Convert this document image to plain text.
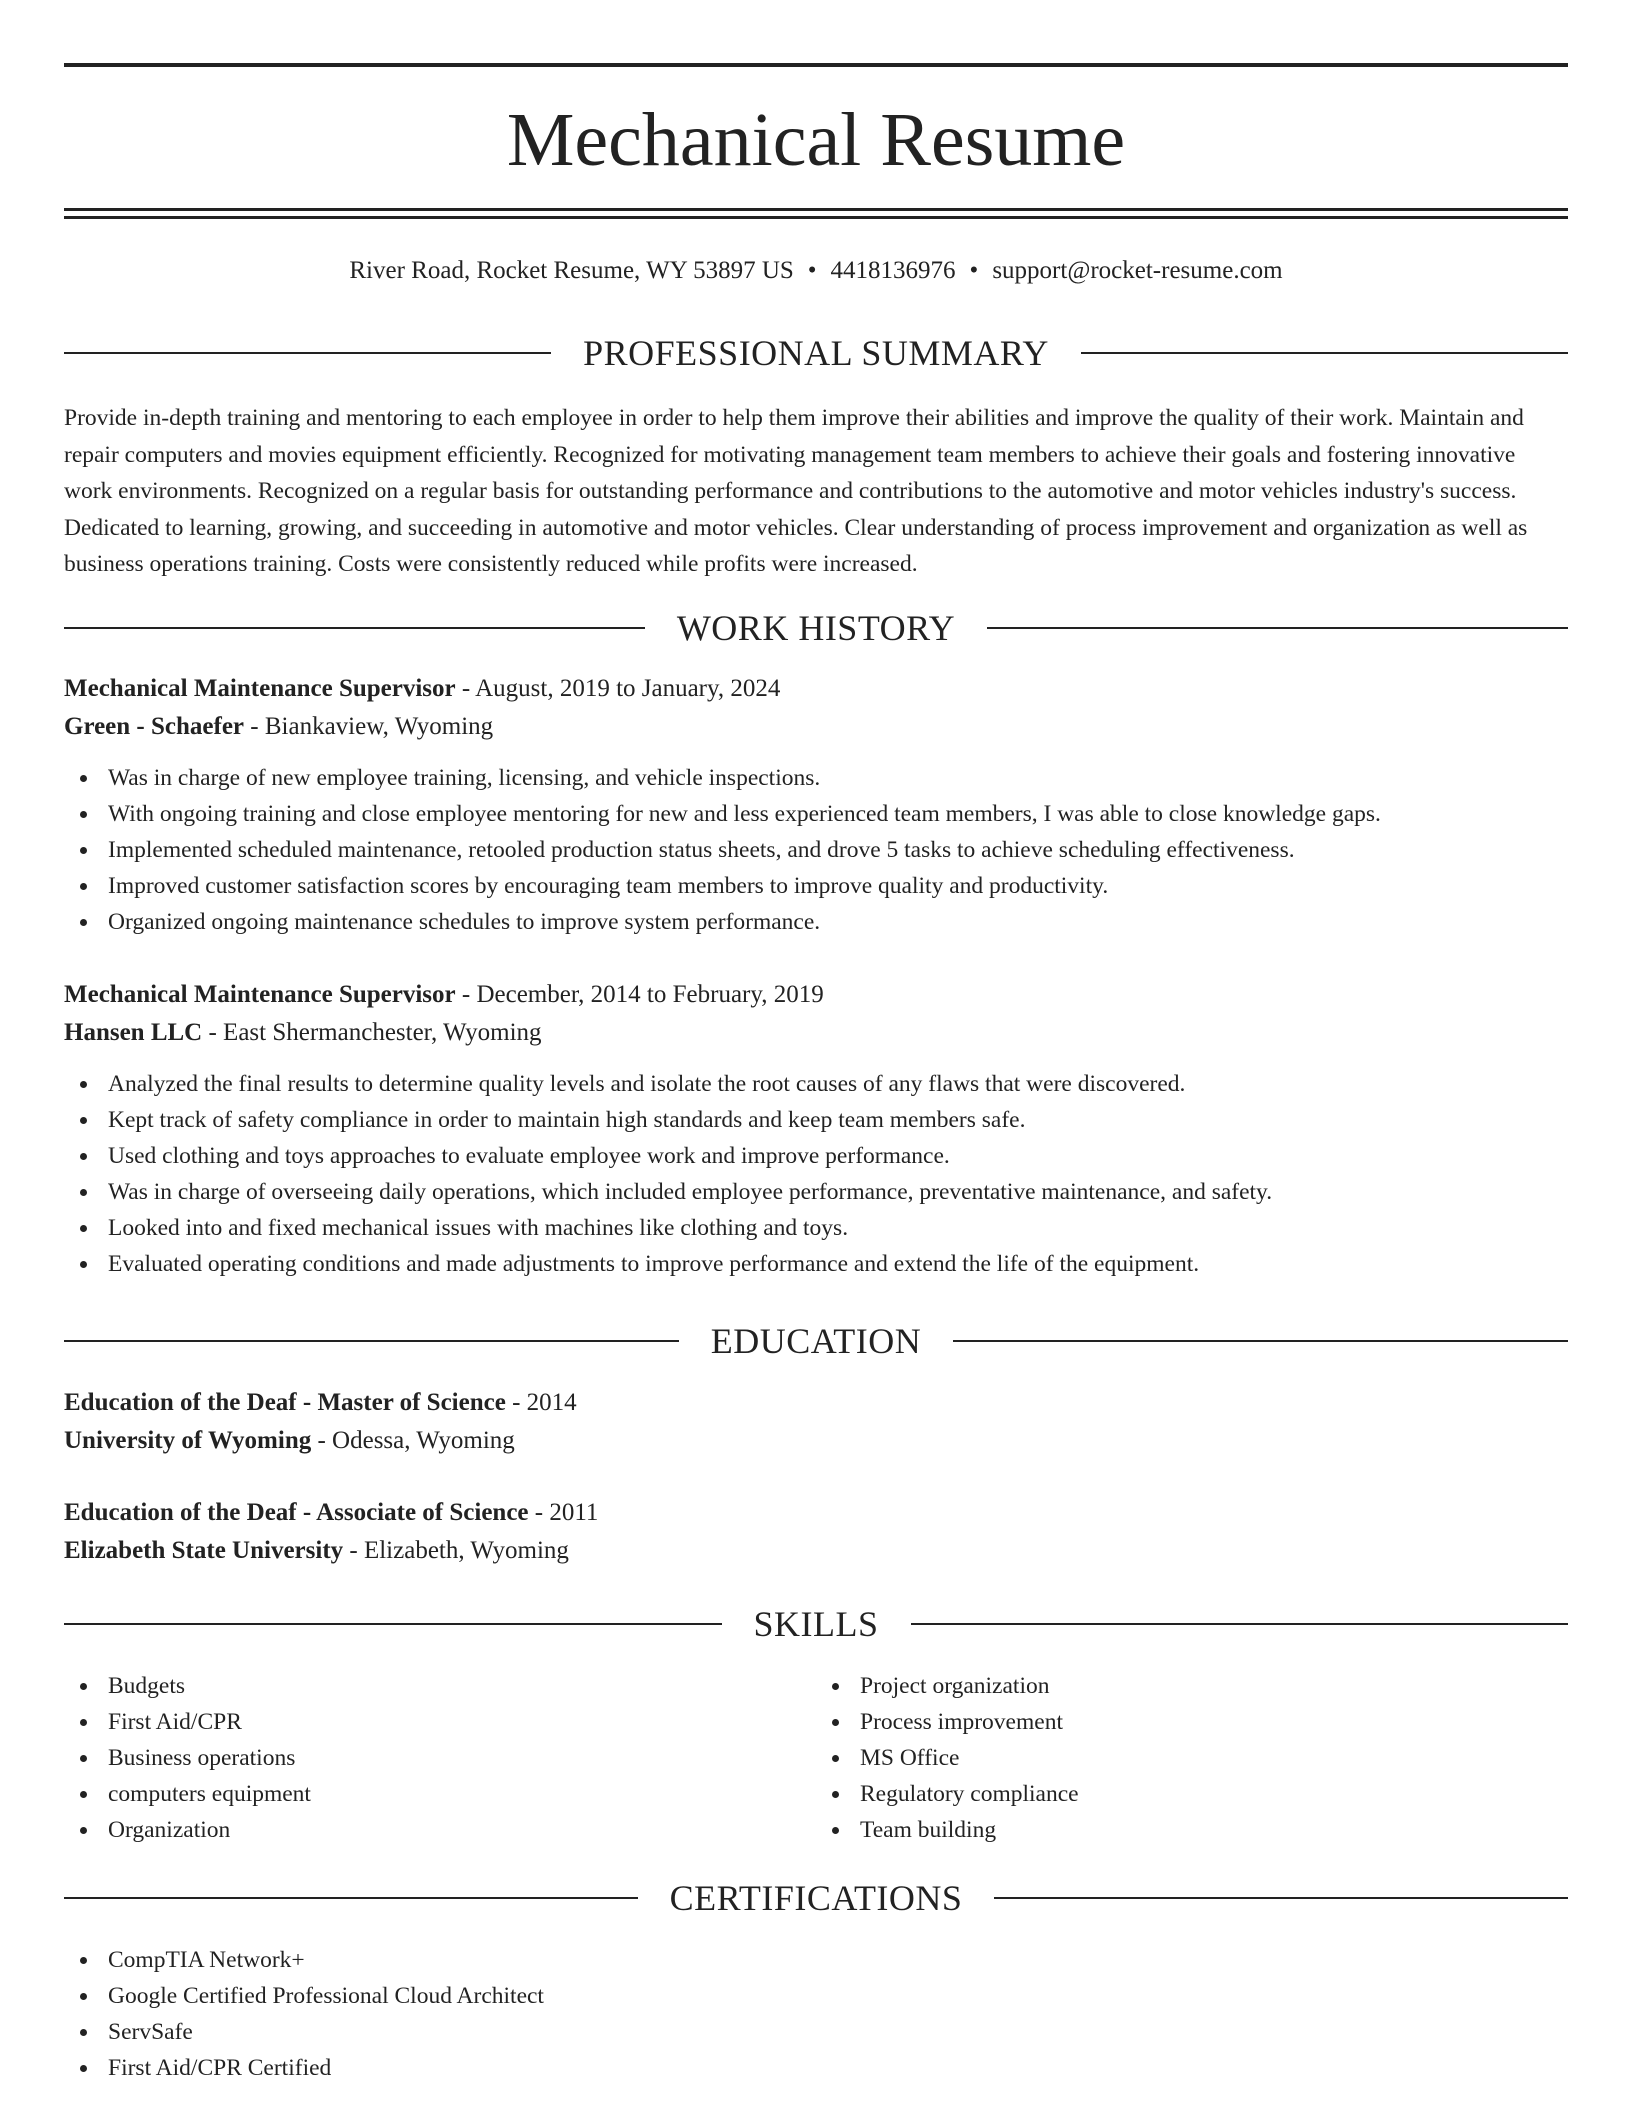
Mechanical Resume
River Road, Rocket Resume, WY 53897 US • 4418136976 • support@rocket-resume.com
PROFESSIONAL SUMMARY

Provide in-depth training and mentoring to each employee in order to help them improve their abilities and improve the quality of their work. Maintain and repair computers and movies equipment efficiently. Recognized for motivating management team members to achieve their goals and fostering innovative work environments. Recognized on a regular basis for outstanding performance and contributions to the automotive and motor vehicles industry's success. Dedicated to learning, growing, and succeeding in automotive and motor vehicles. Clear understanding of process improvement and organization as well as business operations training. Costs were consistently reduced while profits were increased.

WORK HISTORY
Mechanical Maintenance Supervisor - August, 2019 to January, 2024
Green - Schaefer - Biankaview, Wyoming
Was in charge of new employee training, licensing, and vehicle inspections.
With ongoing training and close employee mentoring for new and less experienced team members, I was able to close knowledge gaps.
Implemented scheduled maintenance, retooled production status sheets, and drove 5 tasks to achieve scheduling effectiveness.
Improved customer satisfaction scores by encouraging team members to improve quality and productivity.
Organized ongoing maintenance schedules to improve system performance.
Mechanical Maintenance Supervisor - December, 2014 to February, 2019
Hansen LLC - East Shermanchester, Wyoming
Analyzed the final results to determine quality levels and isolate the root causes of any flaws that were discovered.
Kept track of safety compliance in order to maintain high standards and keep team members safe.
Used clothing and toys approaches to evaluate employee work and improve performance.
Was in charge of overseeing daily operations, which included employee performance, preventative maintenance, and safety.
Looked into and fixed mechanical issues with machines like clothing and toys.
Evaluated operating conditions and made adjustments to improve performance and extend the life of the equipment.
EDUCATION
Education of the Deaf - Master of Science - 2014
University of Wyoming - Odessa, Wyoming
Education of the Deaf - Associate of Science - 2011
Elizabeth State University - Elizabeth, Wyoming
SKILLS
Budgets
First Aid/CPR
Business operations
computers equipment
Organization
Project organization
Process improvement
MS Office
Regulatory compliance
Team building
CERTIFICATIONS
CompTIA Network+
Google Certified Professional Cloud Architect
ServSafe
First Aid/CPR Certified
